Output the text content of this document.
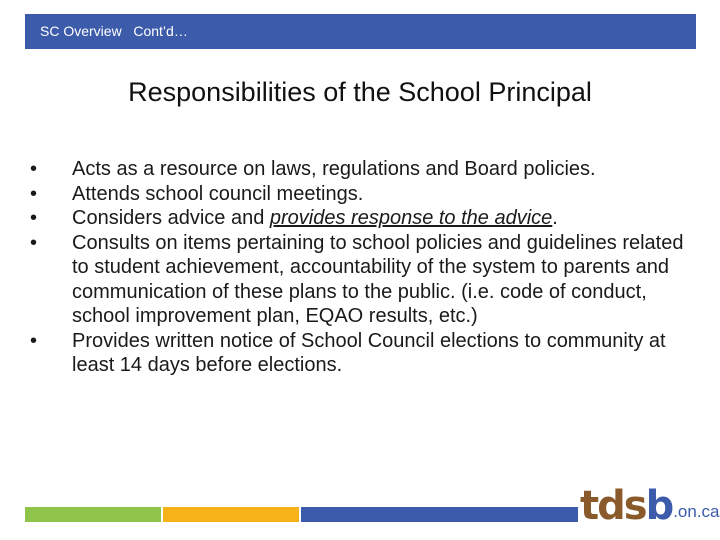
SC Overview   Cont’d…
Responsibilities of the School Principal
•	Acts as a resource on laws, regulations and Board policies.
•	Attends school council meetings.
•	Considers advice and provides response to the advice.
•	Consults on items pertaining to school policies and guidelines related to student achievement, accountability of the system to parents and communication of these plans to the public. (i.e. code of conduct, school improvement plan, EQAO results, etc.)
•	Provides written notice of School Council elections to community at least 14 days before elections.
tdsb .on.ca
